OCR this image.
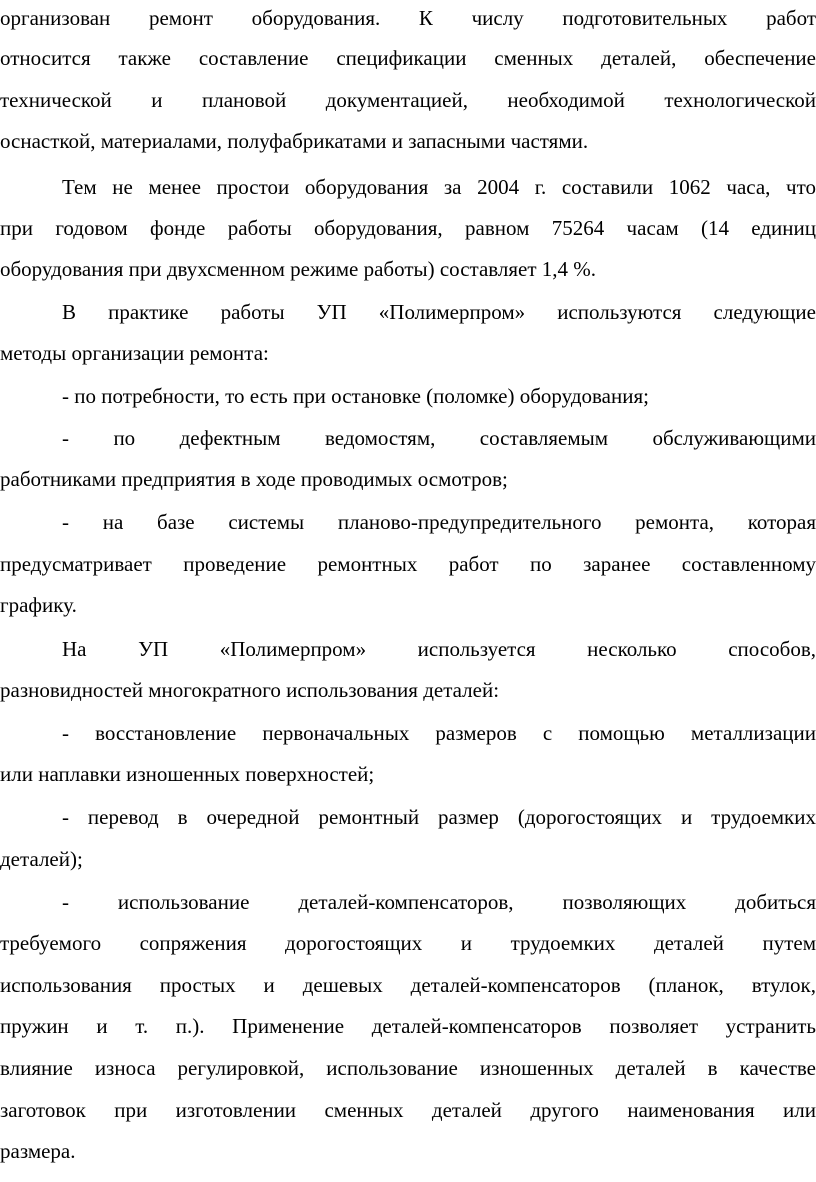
организован ремонт оборудования. К числу подготовительных работ
относится также составление спецификации сменных деталей, обеспечение
технической и плановой документацией, необходимой технологической
оснасткой, материалами, полуфабрикатами и запасными частями.
Тем не менее простои оборудования за 2004 г. составили 1062 часа, что
при годовом фонде работы оборудования, равном 75264 часам (14 единиц
оборудования при двухсменном режиме работы) составляет 1,4 %.
В практике работы УП «Полимерпром» используются следующие
методы организации ремонта:
- по потребности, то есть при остановке (поломке) оборудования;
- по дефектным ведомостям, составляемым обслуживающими
работниками предприятия в ходе проводимых осмотров;
- на базе системы планово-предупредительного ремонта, которая
предусматривает проведение ремонтных работ по заранее составленному
графику.
На УП «Полимерпром» используется несколько способов,
разновидностей многократного использования деталей:
- восстановление первоначальных размеров с помощью металлизации
или наплавки изношенных поверхностей;
- перевод в очередной ремонтный размер (дорогостоящих и трудоемких
деталей);
- использование деталей-компенсаторов, позволяющих добиться
требуемого сопряжения дорогостоящих и трудоемких деталей путем
использования простых и дешевых деталей-компенсаторов (планок, втулок,
пружин и т. п.). Применение деталей-компенсаторов позволяет устранить
влияние износа регулировкой, использование изношенных деталей в качестве
заготовок при изготовлении сменных деталей другого наименования или
размера.
